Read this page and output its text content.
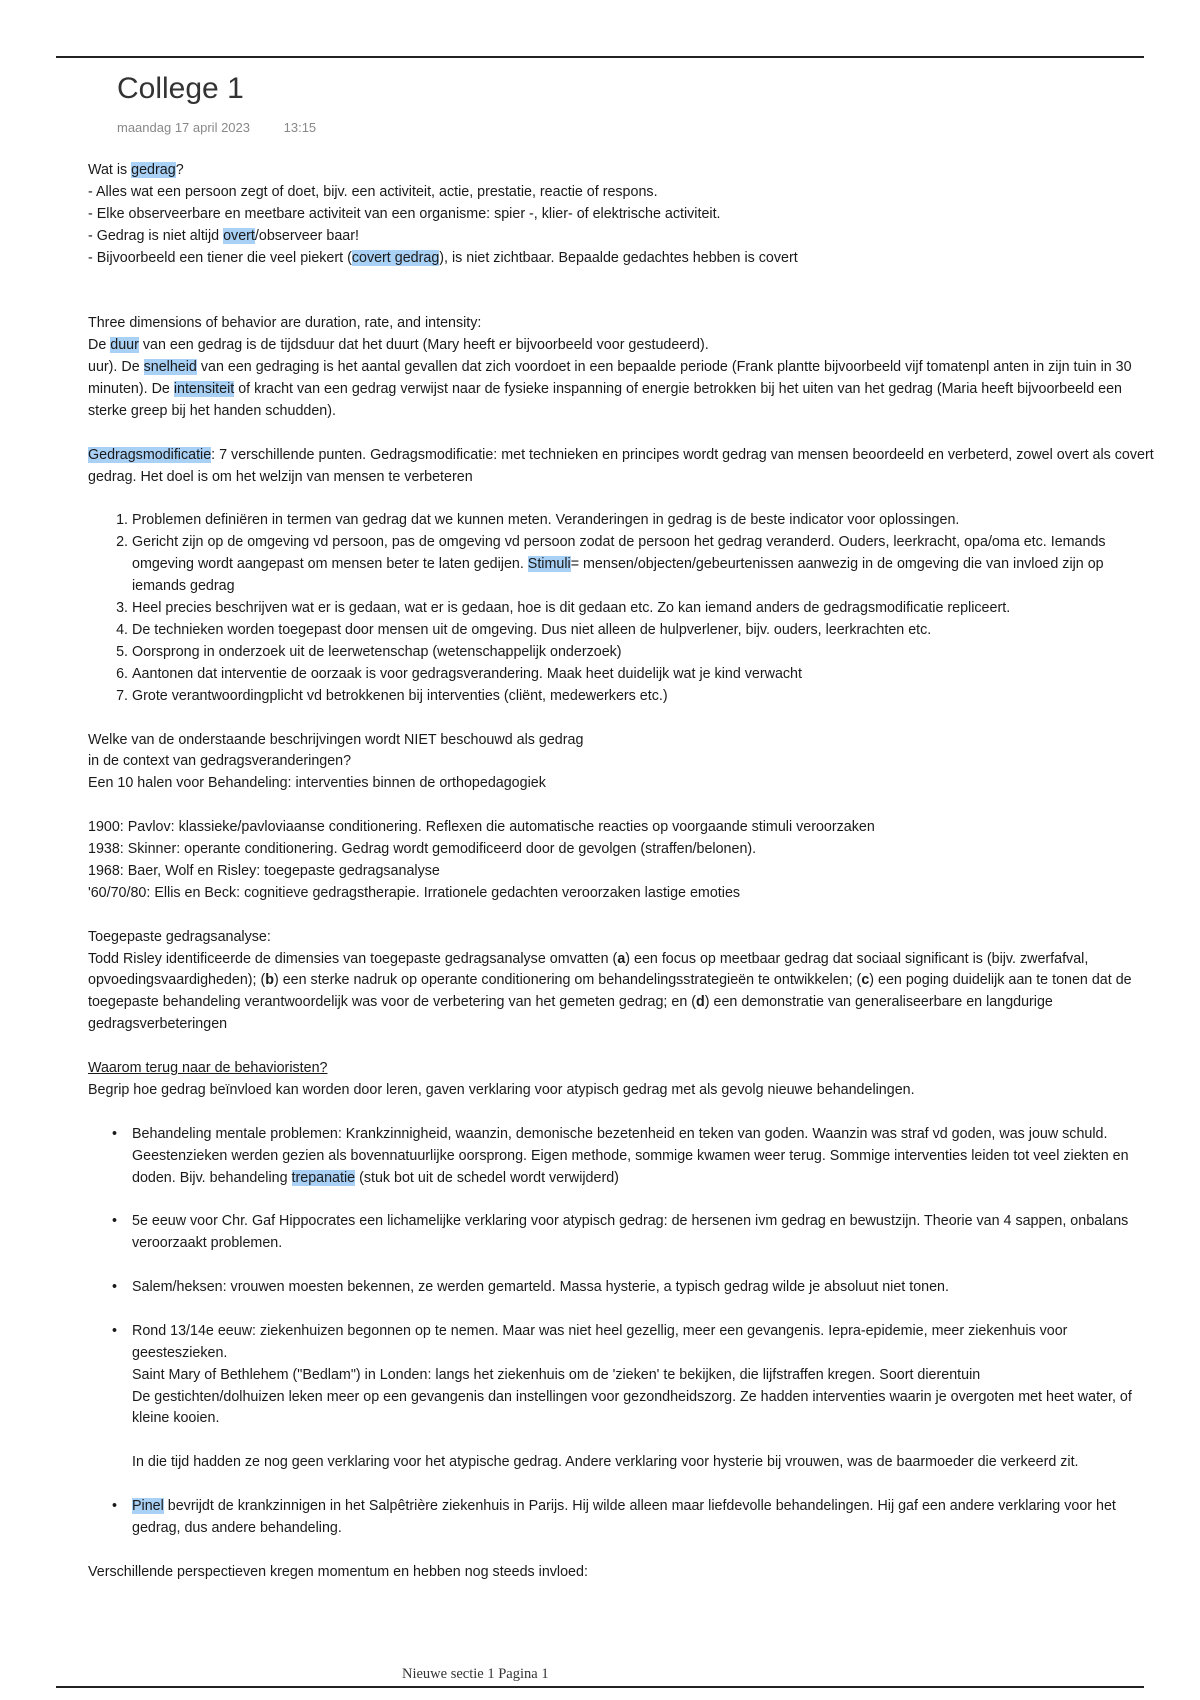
College 1
maandag 17 april 2023	13:15

Wat is gedrag?

- Alles wat een persoon zegt of doet, bijv. een activiteit, actie, prestatie, reactie of respons.

- Elke observeerbare en meetbare activiteit van een organisme: spier -, klier- of elektrische activiteit.

- Gedrag is niet altijd overt/observeer baar!

- Bijvoorbeeld een tiener die veel piekert (covert gedrag), is niet zichtbaar. Bepaalde gedachtes hebben is covert

Three dimensions of behavior are duration, rate, and intensity:

De duur van een gedrag is de tijdsduur dat het duurt (Mary heeft er bijvoorbeeld voor gestudeerd).

uur). De snelheid van een gedraging is het aantal gevallen dat zich voordoet in een bepaalde periode (Frank plantte bijvoorbeeld vijf tomatenpl anten in zijn tuin in 30 minuten). De intensiteit of kracht van een gedrag verwijst naar de fysieke inspanning of energie betrokken bij het uiten van het gedrag (Maria heeft bijvoorbeeld een sterke greep bij het handen schudden).

Gedragsmodificatie: 7 verschillende punten. Gedragsmodificatie: met technieken en principes wordt gedrag van mensen beoordeeld en verbeterd, zowel overt als covert gedrag. Het doel is om het welzijn van mensen te verbeteren

1. Problemen definiëren in termen van gedrag dat we kunnen meten. Veranderingen in gedrag is de beste indicator voor oplossingen.
2. Gericht zijn op de omgeving vd persoon, pas de omgeving vd persoon zodat de persoon het gedrag veranderd. Ouders, leerkracht, opa/oma etc. Iemands omgeving wordt aangepast om mensen beter te laten gedijen. Stimuli= mensen/objecten/gebeurtenissen aanwezig in de omgeving die van invloed zijn op iemands gedrag
3. Heel precies beschrijven wat er is gedaan, wat er is gedaan, hoe is dit gedaan etc. Zo kan iemand anders de gedragsmodificatie repliceert.
4. De technieken worden toegepast door mensen uit de omgeving. Dus niet alleen de hulpverlener, bijv. ouders, leerkrachten etc.
5. Oorsprong in onderzoek uit de leerwetenschap (wetenschappelijk onderzoek)
6. Aantonen dat interventie de oorzaak is voor gedragsverandering. Maak heet duidelijk wat je kind verwacht
7. Grote verantwoordingplicht vd betrokkenen bij interventies (cliënt, medewerkers etc.)

Welke van de onderstaande beschrijvingen wordt NIET beschouwd als gedrag

in de context van gedragsveranderingen?

Een 10 halen voor Behandeling: interventies binnen de orthopedagogiek

1900: Pavlov: klassieke/pavloviaanse conditionering. Reflexen die automatische reacties op voorgaande stimuli veroorzaken

1938: Skinner: operante conditionering. Gedrag wordt gemodificeerd door de gevolgen (straffen/belonen).

1968: Baer, Wolf en Risley: toegepaste gedragsanalyse

'60/70/80: Ellis en Beck: cognitieve gedragstherapie. Irrationele gedachten veroorzaken lastige emoties

Toegepaste gedragsanalyse:

Todd Risley identificeerde de dimensies van toegepaste gedragsanalyse omvatten (a) een focus op meetbaar gedrag dat sociaal significant is (bijv. zwerfafval, opvoedingsvaardigheden); (b) een sterke nadruk op operante conditionering om behandelingsstrategieën te ontwikkelen; (c) een poging duidelijk aan te tonen dat de toegepaste behandeling verantwoordelijk was voor de verbetering van het gemeten gedrag; en (d) een demonstratie van generaliseerbare en langdurige gedragsverbeteringen

Waarom terug naar de behavioristen?

Begrip hoe gedrag beïnvloed kan worden door leren, gaven verklaring voor atypisch gedrag met als gevolg nieuwe behandelingen.

• Behandeling mentale problemen: Krankzinnigheid, waanzin, demonische bezetenheid en teken van goden. Waanzin was straf vd goden, was jouw schuld.
Geestenzieken werden gezien als bovennatuurlijke oorsprong. Eigen methode, sommige kwamen weer terug. Sommige interventies leiden tot veel ziekten en doden. Bijv. behandeling trepanatie (stuk bot uit de schedel wordt verwijderd)
• 5e eeuw voor Chr. Gaf Hippocrates een lichamelijke verklaring voor atypisch gedrag: de hersenen ivm gedrag en bewustzijn. Theorie van 4 sappen, onbalans veroorzaakt problemen.
• Salem/heksen: vrouwen moesten bekennen, ze werden gemarteld. Massa hysterie, a typisch gedrag wilde je absoluut niet tonen.
• Rond 13/14e eeuw: ziekenhuizen begonnen op te nemen. Maar was niet heel gezellig, meer een gevangenis. Iepra-epidemie, meer ziekenhuis voor geesteszieken.
Saint Mary of Bethlehem ("Bedlam") in Londen: langs het ziekenhuis om de 'zieken' te bekijken, die lijfstraffen kregen. Soort dierentuin
De gestichten/dolhuizen leken meer op een gevangenis dan instellingen voor gezondheidszorg. Ze hadden interventies waarin je overgoten met heet water, of kleine kooien.
In die tijd hadden ze nog geen verklaring voor het atypische gedrag. Andere verklaring voor hysterie bij vrouwen, was de baarmoeder die verkeerd zit.
• Pinel bevrijdt de krankzinnigen in het Salpêtrière ziekenhuis in Parijs. Hij wilde alleen maar liefdevolle behandelingen. Hij gaf een andere verklaring voor het gedrag, dus andere behandeling.

Verschillende perspectieven kregen momentum en hebben nog steeds invloed:

Nieuwe sectie 1 Pagina 1
